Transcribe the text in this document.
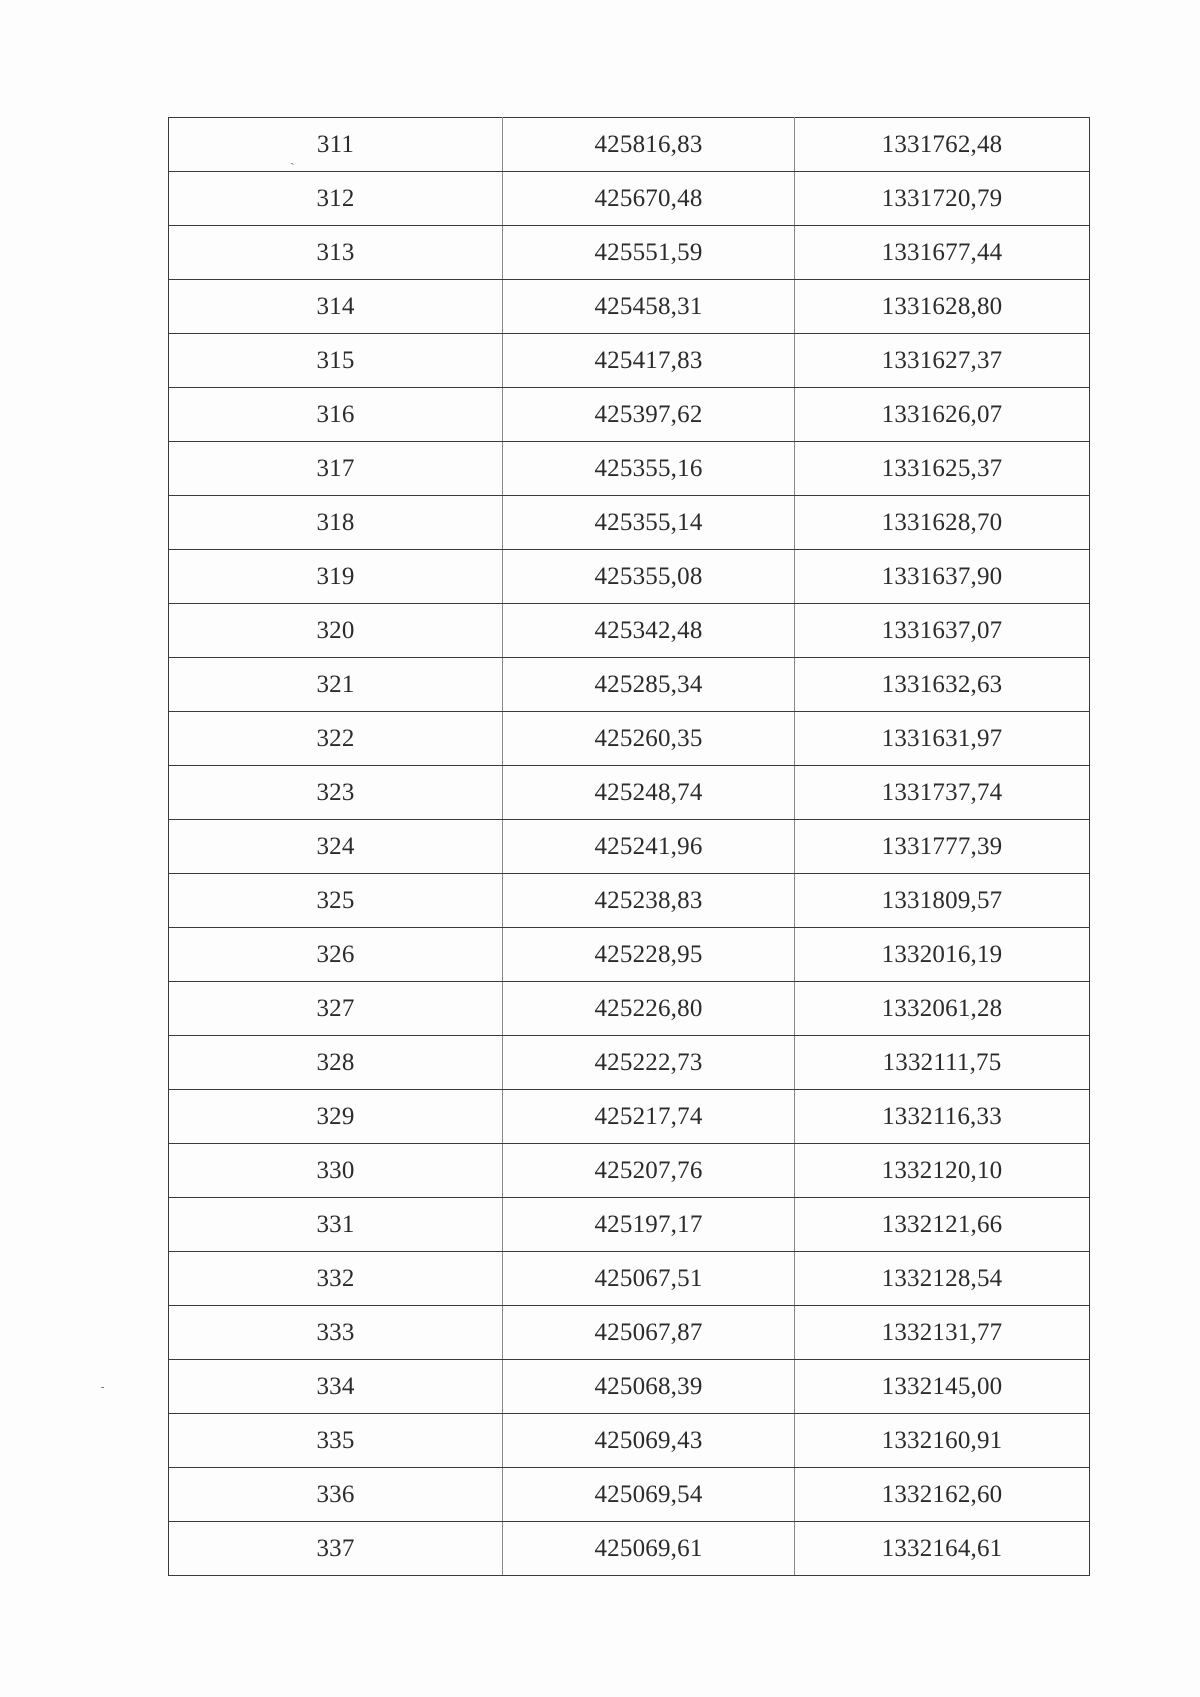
ˏ
311	425816,83	1331762,48
312	425670,48	1331720,79
313	425551,59	1331677,44
314	425458,31	1331628,80
315	425417,83	1331627,37
316	425397,62	1331626,07
317	425355,16	1331625,37
318	425355,14	1331628,70
319	425355,08	1331637,90
320	425342,48	1331637,07
321	425285,34	1331632,63
322	425260,35	1331631,97
323	425248,74	1331737,74
324	425241,96	1331777,39
325	425238,83	1331809,57
326	425228,95	1332016,19
327	425226,80	1332061,28
328	425222,73	1332111,75
329	425217,74	1332116,33
330	425207,76	1332120,10
331	425197,17	1332121,66
332	425067,51	1332128,54
333	425067,87	1332131,77
334	425068,39	1332145,00
335	425069,43	1332160,91
336	425069,54	1332162,60
337	425069,61	1332164,61
